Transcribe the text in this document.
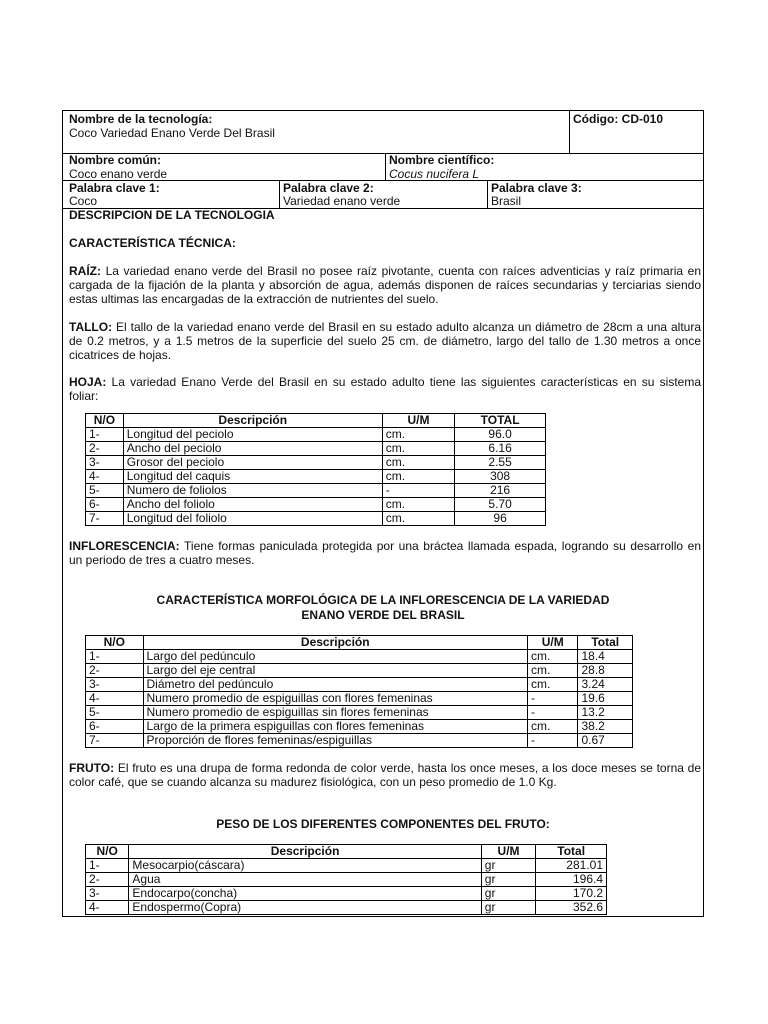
Nombre de la tecnología:
Coco Variedad Enano Verde Del Brasil
Código: CD-010
Nombre común:
Coco enano verde
Nombre científico:
Cocus nucifera L
Palabra clave 1:
Coco
Palabra clave 2:
Variedad enano verde
Palabra clave 3:
Brasil
DESCRIPCION DE LA TECNOLOGIA
CARACTERÍSTICA TÉCNICA:
RAÍZ: La variedad enano verde del Brasil no posee raíz pivotante, cuenta con raíces adventicias y raíz primaria en cargada de la fijación de la planta y absorción de agua, además disponen de raíces secundarias y terciarias siendo estas ultimas las encargadas de la extracción de nutrientes del suelo.
TALLO: El tallo de la variedad enano verde del Brasil en su estado adulto alcanza un diámetro de 28cm a una altura de 0.2 metros, y a 1.5 metros de la superficie del suelo 25 cm. de diámetro, largo del tallo de 1.30 metros a once cicatrices de hojas.
HOJA: La variedad Enano Verde del Brasil en su estado adulto tiene las siguientes características en su sistema foliar:
N/O	Descripción	U/M	TOTAL
1-	Longitud del peciolo	cm.	96.0
2-	Ancho del peciolo	cm.	6.16
3-	Grosor del peciolo	cm.	2.55
4-	Longitud del caquis	cm.	308
5-	Numero de foliolos	-	216
6-	Ancho del foliolo	cm.	5.70
7-	Longitud del foliolo	cm.	96
INFLORESCENCIA: Tiene formas paniculada protegida por una bráctea llamada espada, logrando su desarrollo en un periodo de tres a cuatro meses.
CARACTERÍSTICA MORFOLÓGICA DE LA INFLORESCENCIA DE LA VARIEDAD
ENANO VERDE DEL BRASIL
N/O	Descripción	U/M	Total
1-	Largo del pedúnculo	cm.	18.4
2-	Largo del eje central	cm.	28.8
3-	Diámetro del pedúnculo	cm.	3.24
4-	Numero promedio de espiguillas con flores femeninas	-	19.6
5-	Numero promedio de espiguillas sin flores femeninas	-	13.2
6-	Largo de la primera espiguillas con flores femeninas	cm.	38.2
7-	Proporción de flores femeninas/espiguillas	-	0.67
FRUTO: El fruto es una drupa de forma redonda de color verde, hasta los once meses, a los doce meses se torna de color café, que se cuando alcanza su madurez fisiológica, con un peso promedio de 1.0 Kg.
PESO DE LOS DIFERENTES COMPONENTES DEL FRUTO:
N/O	Descripción	U/M	Total
1-	Mesocarpio(cáscara)	gr	281.01
2-	Agua	gr	196.4
3-	Endocarpo(concha)	gr	170.2
4-	Endospermo(Copra)	gr	352.6
